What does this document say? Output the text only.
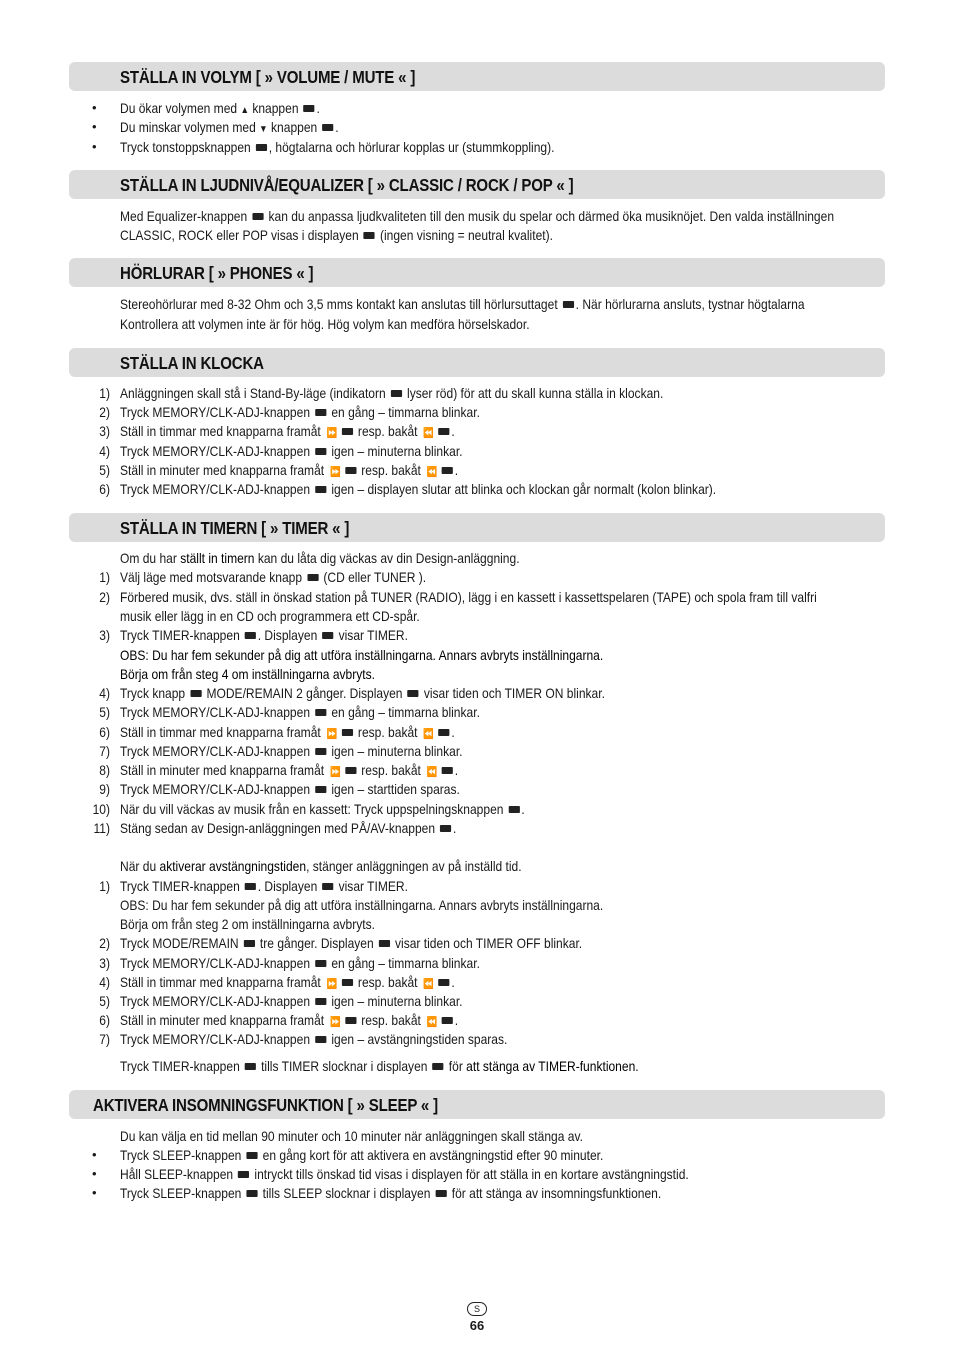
STÄLLA IN VOLYM [ » VOLUME / MUTE « ]
• Du ökar volymen med ▲ knappen .
• Du minskar volymen med ▼ knappen .
• Tryck tonstoppsknappen , högtalarna och hörlurar kopplas ur (stummkoppling).
STÄLLA IN LJUDNIVÅ/EQUALIZER [ » CLASSIC / ROCK / POP « ]
Med Equalizer-knappen  kan du anpassa ljudkvaliteten till den musik du spelar och därmed öka musiknöjet. Den valda inställningen
CLASSIC, ROCK eller POP visas i displayen  (ingen visning = neutral kvalitet).
HÖRLURAR [ » PHONES « ]
Stereohörlurar med 8-32 Ohm och 3,5 mms kontakt kan anslutas till hörlursuttaget . När hörlurarna ansluts, tystnar högtalarna
Kontrollera att volymen inte är för hög. Hög volym kan medföra hörselskador.
STÄLLA IN KLOCKA
1) Anläggningen skall stå i Stand-By-läge (indikatorn  lyser röd) för att du skall kunna ställa in klockan.
2) Tryck MEMORY/CLK-ADJ-knappen  en gång – timmarna blinkar.
3) Ställ in timmar med knapparna framåt ⏩ resp. bakåt ⏪ .
4) Tryck MEMORY/CLK-ADJ-knappen  igen – minuterna blinkar.
5) Ställ in minuter med knapparna framåt ⏩ resp. bakåt ⏪ .
6) Tryck MEMORY/CLK-ADJ-knappen  igen – displayen slutar att blinka och klockan går normalt (kolon blinkar).
STÄLLA IN TIMERN [ » TIMER « ]
Om du har ställt in timern kan du låta dig väckas av din Design-anläggning.
1) Välj läge med motsvarande knapp  (CD eller TUNER ).
2) Förbered musik, dvs. ställ in önskad station på TUNER (RADIO), lägg i en kassett i kassettspelaren (TAPE) och spola fram till valfri
musik eller lägg in en CD och programmera ett CD-spår.
3) Tryck TIMER-knappen . Displayen  visar TIMER.
OBS: Du har fem sekunder på dig att utföra inställningarna. Annars avbryts inställningarna.
Börja om från steg 4 om inställningarna avbryts.
4) Tryck knapp  MODE/REMAIN 2 gånger. Displayen  visar tiden och TIMER ON blinkar.
5) Tryck MEMORY/CLK-ADJ-knappen  en gång – timmarna blinkar.
6) Ställ in timmar med knapparna framåt ⏩ resp. bakåt ⏪ .
7) Tryck MEMORY/CLK-ADJ-knappen  igen – minuterna blinkar.
8) Ställ in minuter med knapparna framåt ⏩ resp. bakåt ⏪ .
9) Tryck MEMORY/CLK-ADJ-knappen  igen – starttiden sparas.
10) När du vill väckas av musik från en kassett: Tryck uppspelningsknappen .
11) Stäng sedan av Design-anläggningen med PÅ/AV-knappen .
När du aktiverar avstängningstiden, stänger anläggningen av på inställd tid.
1) Tryck TIMER-knappen . Displayen  visar TIMER.
OBS: Du har fem sekunder på dig att utföra inställningarna. Annars avbryts inställningarna.
Börja om från steg 2 om inställningarna avbryts.
2) Tryck MODE/REMAIN  tre gånger. Displayen  visar tiden och TIMER OFF blinkar.
3) Tryck MEMORY/CLK-ADJ-knappen  en gång – timmarna blinkar.
4) Ställ in timmar med knapparna framåt ⏩ resp. bakåt ⏪ .
5) Tryck MEMORY/CLK-ADJ-knappen  igen – minuterna blinkar.
6) Ställ in minuter med knapparna framåt ⏩ resp. bakåt ⏪ .
7) Tryck MEMORY/CLK-ADJ-knappen  igen – avstängningstiden sparas.
Tryck TIMER-knappen  tills TIMER slocknar i displayen  för att stänga av TIMER-funktionen.
AKTIVERA INSOMNINGSFUNKTION [ » SLEEP « ]
Du kan välja en tid mellan 90 minuter och 10 minuter när anläggningen skall stänga av.
• Tryck SLEEP-knappen  en gång kort för att aktivera en avstängningstid efter 90 minuter.
• Håll SLEEP-knappen  intryckt tills önskad tid visas i displayen för att ställa in en kortare avstängningstid.
• Tryck SLEEP-knappen  tills SLEEP slocknar i displayen  för att stänga av insomningsfunktionen.
S
66
